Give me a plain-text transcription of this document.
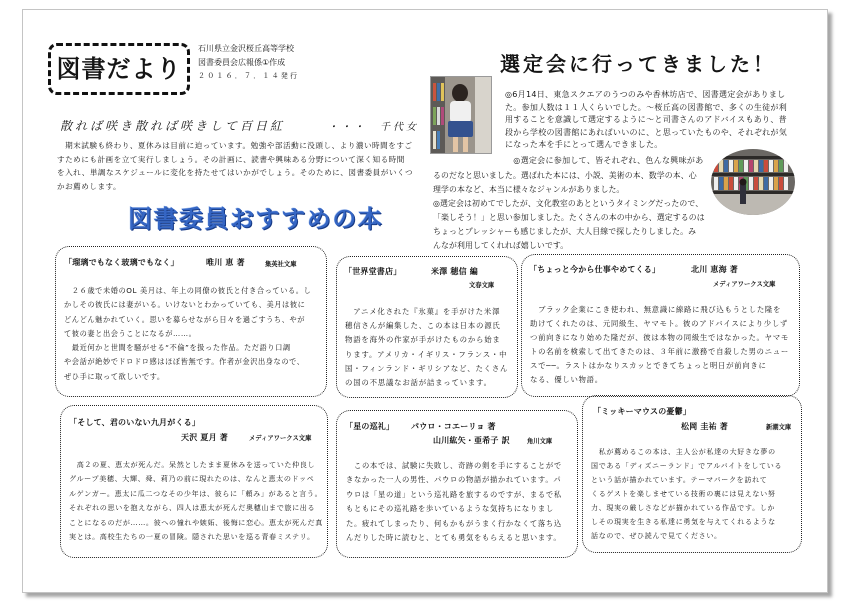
図書だより
石川県立金沢桜丘高等学校
図書委員会広報係①作成
２０１６．７．１４発行	選定会に行ってきました！
◎6月14日、東急スクエアのうつのみや香林坊店で、図書選定会がありまし
た。参加人数は１１人くらいでした。～桜丘高の図書館で、多くの生徒が利
用することを意識して選定するように～と司書さんのアドバイスもあり、普
段から学校の図書館にあればいいのに、と思っていたものや、それぞれが気
になった本を手にとって選んできました。
　◎選定会に参加して、皆それぞれ、色んな興味があ
るのだなと思いました。選ばれた本には、小説、美術の本、数学の本、心
理学の本など、本当に様々なジャンルがありました。
◎選定会は初めてでしたが、文化教室のあとというタイミングだったので、
「楽しそう！」と思い参加しました。たくさんの本の中から、選定するのは
ちょっとプレッシャーも感じましたが、大人目線で探したりしました。み
んなが利用してくれれば嬉しいです。
散れば咲き散れば咲きして百日紅	・・・　千代女
　期末試験も終わり、夏休みは目前に迫っています。勉強や部活動に没頭し、より濃い時間をすご
すためにも計画を立て実行しましょう。その計画に、読書や興味ある分野について深く知る時間
を入れ、単調なスケジュールに変化を持たせてはいかがでしょう。そのために、図書委員がいくつ
かお薦めします。
図書委員おすすめの本
「瑠璃でもなく玻璃でもなく」	唯川 恵 著	集英社文庫
　２６歳で未婚のOL 美月は、年上の同僚の彼氏と付き合っている。し
かしその彼氏には妻がいる。いけないとわかっていても、美月は彼に
どんどん魅かれていく。思いを募らせながら日々を過ごすうち、やが
て彼の妻と出会うことになるが……。
　最近何かと世間を騒がせる“不倫”を扱った作品。ただ語り口調
や会話が絶妙でドロドロ感はほぼ皆無です。作者が金沢出身なので、
ぜひ手に取って欲しいです。
「世界堂書店」	米澤 穂信 編
文春文庫
　アニメ化された『氷菓』を手がけた米澤
穂信さんが編集した、この本は日本の源氏
物語を海外の作家が手がけたものから始ま
ります。アメリカ・イギリス・フランス・中
国・フィンランド・ギリシアなど、たくさん
の国の不思議なお話が詰まっています。
「ちょっと今から仕事やめてくる」	北川 恵海 著
メディアワークス文庫
　ブラック企業にこき使われ、無意識に線路に飛び込もうとした隆を
助けてくれたのは、元同級生、ヤマモト。彼のアドバイスにより少しず
つ前向きになり始めた隆だが、彼は本物の同級生ではなかった。ヤマモ
トの名前を検索して出てきたのは、３年前に激務で自殺した男のニュー
スで──。ラストはかなりスカッとできてちょっと明日が前向きに
なる、優しい物語。
「そして、君のいない九月がくる」
天沢 夏月 著	メディアワークス文庫
　高２の夏、恵太が死んだ。呆然としたまま夏休みを送っていた仲良し
グループ美穂、大輝、舜、莉乃の前に現れたのは、なんと恵太のドッペ
ルゲンガー。恵太に瓜二つなその少年は、彼らに「頼み」があると言う。
それぞれの思いを抱えながら、四人は恵太が死んだ奥穂山まで旅に出る
ことになるのだが……。彼への憧れや嫉妬、後悔に恋心。恵太が死んだ真
実とは。高校生たちの一夏の冒険。隠された思いを巡る青春ミステリ。
「星の巡礼」 パウロ・コエーリョ 著
山川紘矢・亜希子 訳	角川文庫
　この本では、試験に失敗し、奇跡の剣を手にすることがで
きなかった一人の男性、パウロの物語が描かれています。パ
ウロは「星の道」という巡礼路を旅するのですが、まるで私
もともにその巡礼路を歩いているような気持ちになりまし
た。疲れてしまったり、何もかもがうまく行かなくて落ち込
んだりした時に読むと、とても勇気をもらえると思います。
「ミッキーマウスの憂鬱」
松岡 圭祐 著	新潮文庫
　私が薦めるこの本は、主人公が私達の大好きな夢の
国である「ディズニーランド」でアルバイトをしている
という話が描かれています。テーマパークを訪れて
くるゲストを楽しませている技術の裏には見えない努
力、現実の厳しさなどが描かれている作品です。しか
しその現実を生きる私達に勇気を与えてくれるような
話なので、ぜひ読んで見てください。
